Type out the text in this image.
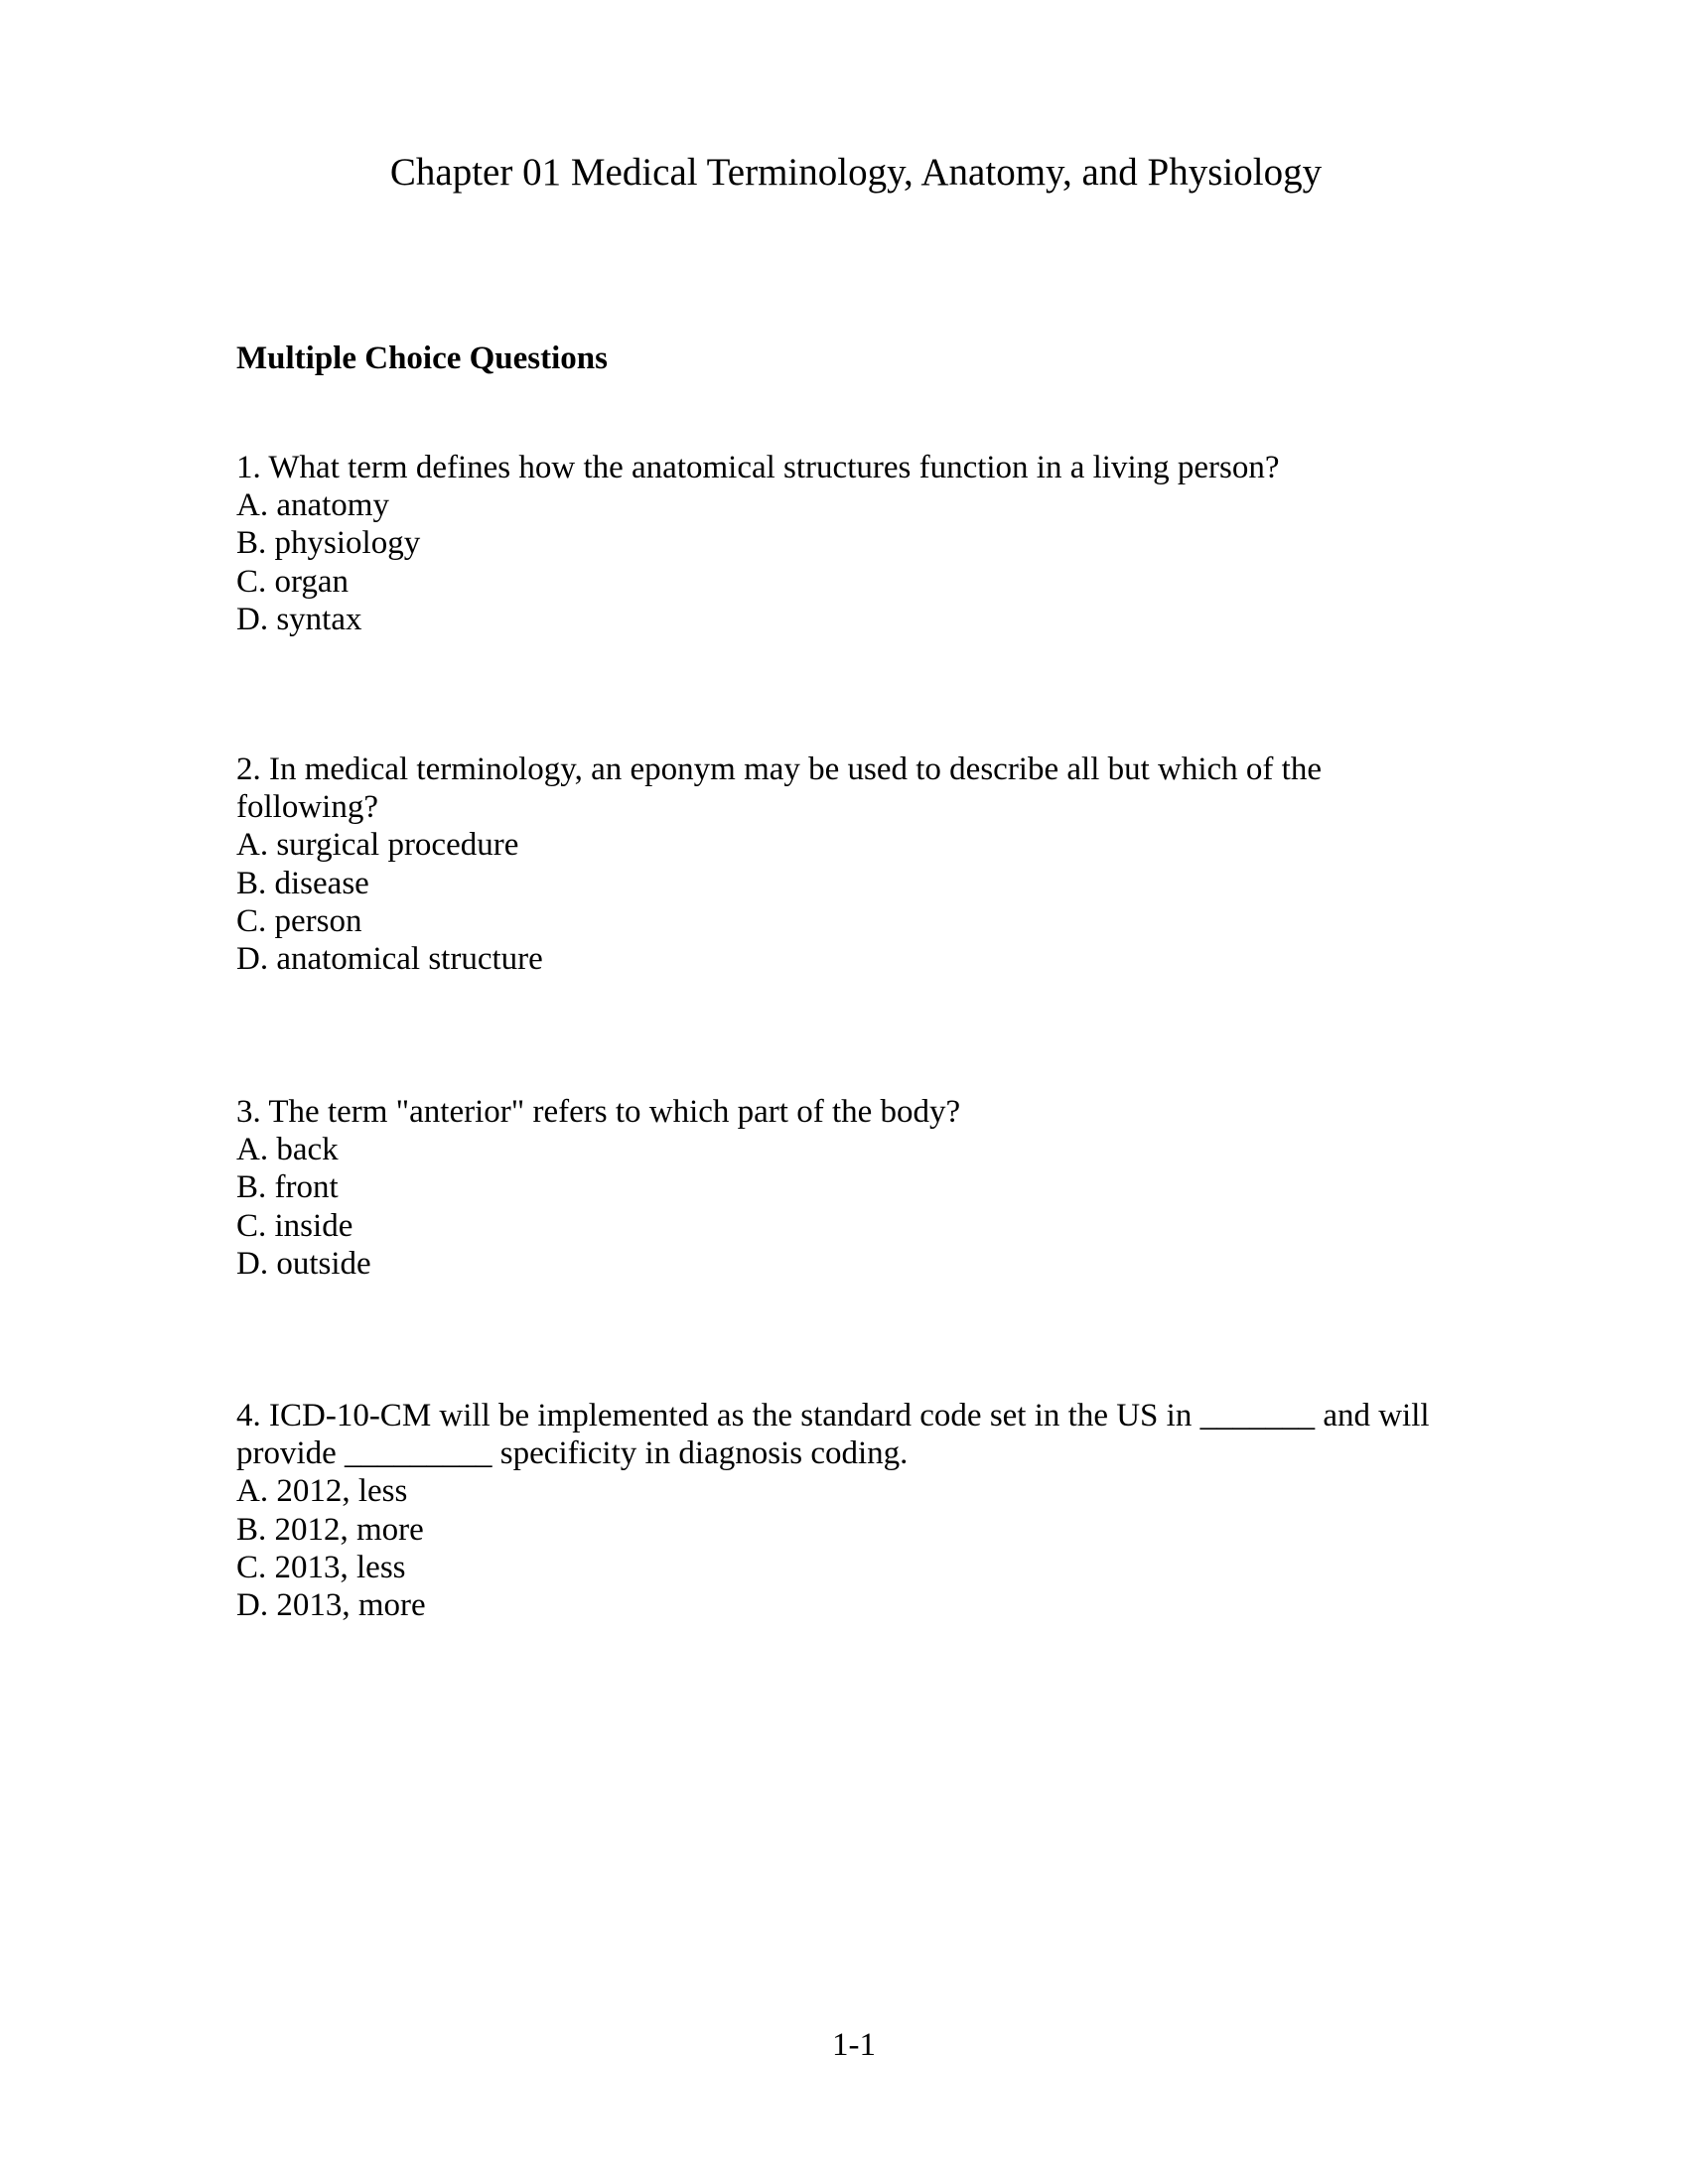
Chapter 01 Medical Terminology, Anatomy, and Physiology
Multiple Choice Questions
1. What term defines how the anatomical structures function in a living person?
A. anatomy
B. physiology
C. organ
D. syntax
2. In medical terminology, an eponym may be used to describe all but which of the
following?
A. surgical procedure
B. disease
C. person
D. anatomical structure
3. The term "anterior" refers to which part of the body?
A. back
B. front
C. inside
D. outside
4. ICD-10-CM will be implemented as the standard code set in the US in _______ and will
provide _________ specificity in diagnosis coding.
A. 2012, less
B. 2012, more
C. 2013, less
D. 2013, more
1-1
